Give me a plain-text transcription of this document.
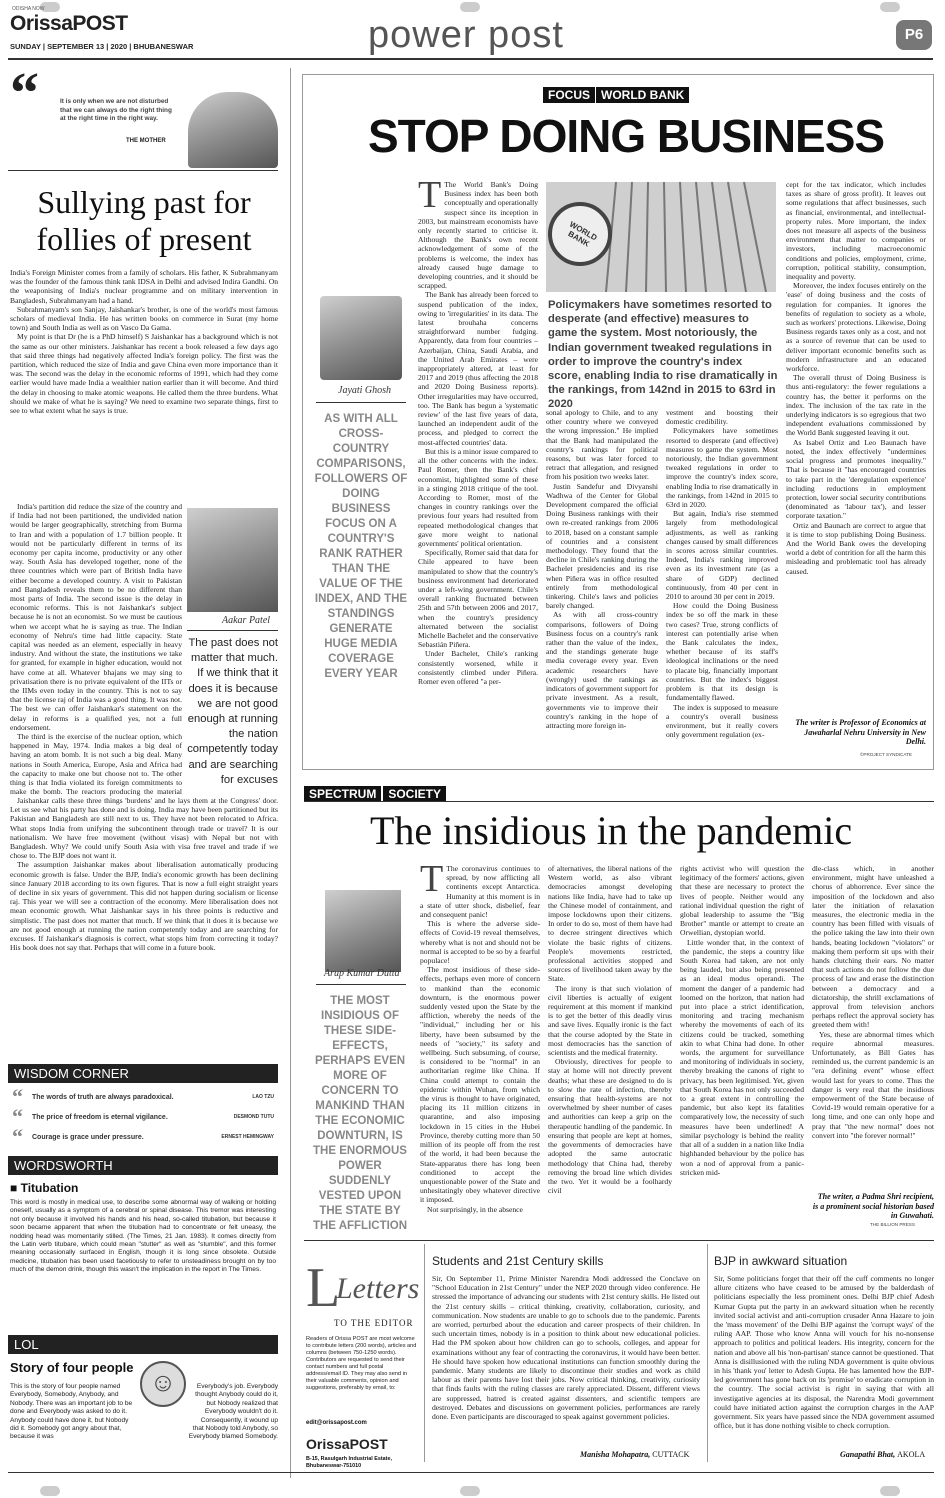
ODISHA NOW
OrissaPOST
SUNDAY | SEPTEMBER 13 | 2020 | BHUBANESWAR	power post	P6
“	It is only when we are not disturbed that we can always do the right thing at the right time in the right way.
THE MOTHER
Sullying past for follies of present

India's Foreign Minister comes from a family of scholars. His father, K Subrahmanyam was the founder of the famous think tank IDSA in Delhi and advised Indira Gandhi. On the weaponising of India's nuclear programme and on military intervention in Bangladesh, Subrahmanyam had a hand.

Subrahmanyam's son Sanjay, Jaishankar's brother, is one of the world's most famous scholars of medieval India. He has written books on commerce in Surat (my home town) and South India as well as on Vasco Da Gama.

My point is that Dr (he is a PhD himself) S Jaishankar has a background which is not the same as our other ministers. Jaishankar has recent a book released a few days ago that said three things had negatively affected India's foreign policy. The first was the partition, which reduced the size of India and gave China even more importance than it was. The second was the delay in the economic reforms of 1991, which had they come earlier would have made India a wealthier nation earlier than it will become. And third the delay in choosing to make atomic weapons. He called them the three burdens. What should we make of what he is saying? We need to examine two separate things, first to see to what extent what he says is true.

India's partition did reduce the size of the country and if India had not been partitioned, the undivided nation would be larger geographically, stretching from Burma to Iran and with a population of 1.7 billion people. It would not be particularly different in terms of its economy per capita income, productivity or any other way. South Asia has developed together, none of the three countries which were part of British India have either become a developed country. A visit to Pakistan and Bangladesh reveals them to be no different than most parts of India. The second issue is the delay in economic reforms. This is not Jaishankar's subject because he is not an economist. So we must be cautious when we accept what he is saying as true. The Indian economy of Nehru's time had little capacity. State capital was needed as an element, especially in heavy industry. And without the state, the institutions we take for granted, for example in higher education, would not have come at all. Whatever bhajans we may sing to privatisation there is no private equivalent of the IITs or the IIMs even today in the country. This is not to say that the license raj of India was a good thing. It was not. The best we can offer Jaishankar's statement on the delay in reforms is a qualified yes, not a full endorsement.

The third is the exercise of the nuclear option, which happened in May, 1974. India makes a big deal of having an atom bomb. It is not such a big deal. Many nations in South America, Europe, Asia and Africa had the capacity to make one but choose not to. The other thing is that India violated its foreign commitments to make the bomb. The reactors producing the material

Aakar Patel
The past does not matter that much. If we think that it does it is because we are not good enough at running the nation competently today and are searching for excuses

Jaishankar calls these three things 'burdens' and he lays them at the Congress' door. Let us see what his party has done and is doing. India may have been partitioned but its Pakistan and Bangladesh are still next to us. They have not been relocated to Africa. What stops India from unifying the subcontinent through trade or travel? It is our nationalism. We have free movement (without visas) with Nepal but not with Bangladesh. Why? We could unify South Asia with visa free travel and trade if we chose to. The BJP does not want it.

The assumption Jaishankar makes about liberalisation automatically producing economic growth is false. Under the BJP, India's economic growth has been declining since January 2018 according to its own figures. That is now a full eight straight years of decline in six years of government. This did not happen during socialism or license raj. This year we will see a contraction of the economy. Mere liberalisation does not mean economic growth. What Jaishankar says in his three points is reductive and simplistic. The past does not matter that much. If we think that it does it is because we are not good enough at running the nation competently today and are searching for excuses. If Jaishankar's diagnosis is correct, what stops him from correcting it today? His book does not say that. Perhaps that will come in a future book.

WISDOM CORNER
“	The words of truth are always paradoxical.	LAO TZU
“	The price of freedom is eternal vigilance.	DESMOND TUTU
“	Courage is grace under pressure.	ERNEST HEMINGWAY
WORDSWORTH
■ Titubation
This word is mostly in medical use, to describe some abnormal way of walking or holding oneself, usually as a symptom of a cerebral or spinal disease. This tremor was interesting not only because it involved his hands and his head, so-called titubation, but because it soon became apparent that when the titubation had to concentrate or felt uneasy, the nodding head was momentarily stilled. (The Times, 21 Jan. 1983). It comes directly from the Latin verb titubare, which could mean "stutter" as well as "stumble", and this former meaning occasionally surfaced in English, though it is long since obsolete. Outside medicine, titubation has been used facetiously to refer to unsteadiness brought on by too much of the demon drink, though this wasn't the implication in the report in The Times.
LOL
Story of four people
This is the story of four people named Everybody, Somebody, Anybody, and Nobody. There was an important job to be done and Everybody was asked to do it. Anybody could have done it, but Nobody did it. Somebody got angry about that, because it was
Everybody's job. Everybody thought Anybody could do it, but Nobody realized that Everybody wouldn't do it. Consequently, it wound up that Nobody told Anybody, so Everybody blamed Somebody.
☺
FOCUS WORLD BANK
STOP DOING BUSINESS
Jayati Ghosh
AS WITH ALL CROSS-COUNTRY COMPARISONS, FOLLOWERS OF DOING BUSINESS FOCUS ON A COUNTRY'S RANK RATHER THAN THE VALUE OF THE INDEX, AND THE STANDINGS GENERATE HUGE MEDIA COVERAGE EVERY YEAR

T The World Bank's Doing Business index has been both conceptually and operationally suspect since its inception in 2003, but mainstream economists have only recently started to criticise it. Although the Bank's own recent acknowledgement of some of the problems is welcome, the index has already caused huge damage to developing countries, and it should be scrapped.

The Bank has already been forced to suspend publication of the index, owing to 'irregularities' in its data. The latest brouhaha concerns straightforward number fudging. Apparently, data from four countries – Azerbaijan, China, Saudi Arabia, and the United Arab Emirates – were inappropriately altered, at least for 2017 and 2019 (thus affecting the 2018 and 2020 Doing Business reports). Other irregularities may have occurred, too. The Bank has begun a 'systematic review' of the last five years of data, launched an independent audit of the process, and pledged to correct the most-affected countries' data.

But this is a minor issue compared to all the other concerns with the index. Paul Romer, then the Bank's chief economist, highlighted some of these in a stinging 2018 critique of the tool. According to Romer, most of the changes in country rankings over the previous four years had resulted from repeated methodological changes that gave more weight to national governments' political orientation.

Specifically, Romer said that data for Chile appeared to have been manipulated to show that the country's business environment had deteriorated under a left-wing government. Chile's overall ranking fluctuated between 25th and 57th between 2006 and 2017, when the country's presidency alternated between the socialist Michelle Bachelet and the conservative Sebastián Piñera.

Under Bachelet, Chile's ranking consistently worsened, while it consistently climbed under Piñera. Romer even offered "a per-

WORLD BANK
Policymakers have sometimes resorted to desperate (and effective) measures to game the system. Most notoriously, the Indian government tweaked regulations in order to improve the country's index score, enabling India to rise dramatically in the rankings, from 142nd in 2015 to 63rd in 2020

sonal apology to Chile, and to any other country where we conveyed the wrong impression." He implied that the Bank had manipulated the country's rankings for political reasons, but was later forced to retract that allegation, and resigned from his position two weeks later.

Justin Sandefur and Divyanshi Wadhwa of the Center for Global Development compared the official Doing Business rankings with their own re-created rankings from 2006 to 2018, based on a constant sample of countries and a consistent methodology. They found that the decline in Chile's ranking during the Bachelet presidencies and its rise when Piñera was in office resulted entirely from methodological tinkering. Chile's laws and policies barely changed.

As with all cross-country comparisons, followers of Doing Business focus on a country's rank rather than the value of the index, and the standings generate huge media coverage every year. Even academic researchers have (wrongly) used the rankings as indicators of government support for private investment. As a result, governments vie to improve their country's ranking in the hope of attracting more foreign in-

vestment and boosting their domestic credibility.

Policymakers have sometimes resorted to desperate (and effective) measures to game the system. Most notoriously, the Indian government tweaked regulations in order to improve the country's index score, enabling India to rise dramatically in the rankings, from 142nd in 2015 to 63rd in 2020.

But again, India's rise stemmed largely from methodological adjustments, as well as ranking changes caused by small differences in scores across similar countries. Indeed, India's ranking improved even as its investment rate (as a share of GDP) declined continuously, from 40 per cent in 2010 to around 30 per cent in 2019.

How could the Doing Business index be so off the mark in these two cases? True, strong conflicts of interest can potentially arise when the Bank calculates the index, whether because of its staff's ideological inclinations or the need to placate big, financially important countries. But the index's biggest problem is that its design is fundamentally flawed.

The index is supposed to measure a country's overall business environment, but it really covers only government regulation (ex-

cept for the tax indicator, which includes taxes as share of gross profit). It leaves out some regulations that affect businesses, such as financial, environmental, and intellectual-property rules. More important, the index does not measure all aspects of the business environment that matter to companies or investors, including macroeconomic conditions and policies, employment, crime, corruption, political stability, consumption, inequality and poverty.

Moreover, the index focuses entirely on the 'ease' of doing business and the costs of regulation for companies. It ignores the benefits of regulation to society as a whole, such as workers' protections. Likewise, Doing Business regards taxes only as a cost, and not as a source of revenue that can be used to deliver important economic benefits such as modern infrastructure and an educated workforce.

The overall thrust of Doing Business is thus anti-regulatory: the fewer regulations a country has, the better it performs on the index. The inclusion of the tax rate in the underlying indicators is so egregious that two independent evaluations commissioned by the World Bank suggested leaving it out.

As Isabel Ortiz and Leo Baunach have noted, the index effectively "undermines social progress and promotes inequality." That is because it "has encouraged countries to take part in the 'deregulation experience' including reductions in employment protection, lower social security contributions (denominated as 'labour tax'), and lesser corporate taxation."

Ortiz and Baunach are correct to argue that it is time to stop publishing Doing Business. And the World Bank owes the developing world a debt of contrition for all the harm this misleading and problematic tool has already caused.

The writer is Professor of Economics at Jawaharlal Nehru University in New Delhi.
©PROJECT SYNDICATE
SPECTRUM SOCIETY
The insidious in the pandemic
Arup Kumar Dutta
THE MOST INSIDIOUS OF THESE SIDE-EFFECTS, PERHAPS EVEN MORE OF CONCERN TO MANKIND THAN THE ECONOMIC DOWNTURN, IS THE ENORMOUS POWER SUDDENLY VESTED UPON THE STATE BY THE AFFLICTION

T The coronavirus continues to spread, by now afflicting all continents except Antarctica. Humanity at this moment is in a state of utter shock, disbelief, fear and consequent panic!

This is where the adverse side-effects of Covid-19 reveal themselves, whereby what is not and should not be normal is accepted to be so by a fearful populace!

The most insidious of these side-effects, perhaps even more of concern to mankind than the economic downturn, is the enormous power suddenly vested upon the State by the affliction, whereby the needs of the "individual," including her or his liberty, have been subsumed by the needs of "society," its safety and wellbeing. Such subsuming, of course, is considered to be "normal" in an authoritarian regime like China. If China could attempt to contain the epidemic within Wuhan, from which the virus is thought to have originated, placing its 11 million citizens in quarantine, and also imposing lockdown in 15 cities in the Hubei Province, thereby cutting more than 50 million of its people off from the rest of the world, it had been because the State-apparatus there has long been conditioned to accept the unquestionable power of the State and unhesitatingly obey whatever directive it imposed.

Not surprisingly, in the absence

of alternatives, the liberal nations of the Western world, as also vibrant democracies amongst developing nations like India, have had to take up the Chinese model of containment, and impose lockdowns upon their citizens. In order to do so, most of them have had to decree stringent directives which violate the basic rights of citizens. People's movements restricted, professional activities stopped and sources of livelihood taken away by the State.

The irony is that such violation of civil liberties is actually of exigent requirement at this moment if mankind is to get the better of this deadly virus and save lives. Equally ironic is the fact that the course adopted by the State in most democracies has the sanction of scientists and the medical fraternity.

Obviously, directives for people to stay at home will not directly prevent deaths; what these are designed to do is to slow the rate of infection, thereby ensuring that health-systems are not overwhelmed by sheer number of cases and authorities can keep a grip on the therapeutic handling of the pandemic. In ensuring that people are kept at homes, the governments of democracies have adopted the same autocratic methodology that China had, thereby removing the broad line which divides the two. Yet it would be a foolhardy civil

rights activist who will question the legitimacy of the formers' actions, given that these are necessary to protect the lives of people. Neither would any rational individual question the right of global leadership to assume the "Big Brother" mantle or attempt to create an Orwellian, dystopian world.

Little wonder that, in the context of the pandemic, the steps a country like South Korea had taken, are not only being lauded, but also being presented as an ideal modus operandi. The moment the danger of a pandemic had loomed on the horizon, that nation had put into place a strict identification, monitoring and tracing mechanism whereby the movements of each of its citizens could be tracked, something akin to what China had done. In other words, the argument for surveillance and monitoring of individuals in society, thereby breaking the canons of right to privacy, has been legitimised. Yet, given that South Korea has not only succeeded to a great extent in controlling the pandemic, but also kept its fatalities comparatively low, the necessity of such measures have been underlined! A similar psychology is behind the reality that all of a sudden in a nation like India highhanded behaviour by the police has won a nod of approval from a panic-stricken mid-

dle-class which, in another environment, might have unleashed a chorus of abhorrence. Ever since the imposition of the lockdown and also later the initiation of relaxation measures, the electronic media in the country has been filled with visuals of the police taking the law into their own hands, beating lockdown "violators" or making them perform sit ups with their hands clutching their ears. No matter that such actions do not follow the due process of law and erase the distinction between a democracy and a dictatorship, the shrill exclamations of approval from television anchors perhaps reflect the approval society has greeted them with!

Yes, these are abnormal times which require abnormal measures. Unfortunately, as Bill Gates has reminded us, the current pandemic is an "era defining event" whose effect would last for years to come. Thus the danger is very real that the insidious empowerment of the State because of Covid-19 would remain operative for a long time, and one can only hope and pray that "the new normal" does not convert into "the forever normal!"

The writer, a Padma Shri recipient, is a prominent social historian based in Guwahati.
THE BILLION PRESS
L
Letters
TO THE EDITOR
Readers of Orissa POST are most welcome to contribute letters (200 words), articles and columns (between 750-1250 words). Contributors are requested to send their contact numbers and full postal address/email ID. They may also send in their valuable comments, opinion and suggestions, preferably by email, to:
edit@orissapost.com
OrissaPOST
B-15, Rasulgarh Industrial Estate, Bhubaneswar-751010
Students and 21st Century skills
Sir, On September 11, Prime Minister Narendra Modi addressed the Conclave on "School Education in 21st Century" under the NEP 2020 through video conference. He stressed the importance of advancing our students with 21st century skills. He listed out the 21st century skills – critical thinking, creativity, collaboration, curiosity, and communication. Now students are unable to go to schools due to the pandemic. Parents are worried, perturbed about the education and career prospects of their children. In such uncertain times, nobody is in a position to think about new educational policies. Had the PM spoken about how children can go to schools, colleges, and appear for examinations without any fear of contracting the coronavirus, it would have been better. He should have spoken how educational institutions can function smoothly during the pandemic. Many students are likely to discontinue their studies and work as child labour as their parents have lost their jobs. Now critical thinking, creativity, curiosity that finds faults with the ruling classes are rarely appreciated. Dissent, different views are suppressed, hatred is created against dissenters, and scientific tempers are destroyed. Debates and discussions on government policies, performances are rarely done. Even participants are discouraged to speak against government policies.
Manisha Mohapatra, CUTTACK
BJP in awkward situation
Sir, Some politicians forget that their off the cuff comments no longer allure citizens who have ceased to be amused by the balderdash of politicians especially the less prominent ones. Delhi BJP chief Adesh Kumar Gupta put the party in an awkward situation when he recently invited social activist and anti-corruption crusader Anna Hazare to join the 'mass movement' of the Delhi BJP against the 'corrupt ways' of the ruling AAP. Those who know Anna will vouch for his no-nonsense approach to politics and political leaders. His integrity, concern for the nation and above all his 'non-partisan' stance cannot be questioned. That Anna is disillusioned with the ruling NDA government is quite obvious in his 'thank you' letter to Adesh Gupta. He has lamented how the BJP-led government has gone back on its 'promise' to eradicate corruption in the country. The social activist is right in saying that with all investigative agencies at its disposal, the Narendra Modi government could have initiated action against the corruption charges in the AAP government. Six years have passed since the NDA government assumed office, but it has done nothing visible to check corruption.
Ganapathi Bhat, AKOLA
